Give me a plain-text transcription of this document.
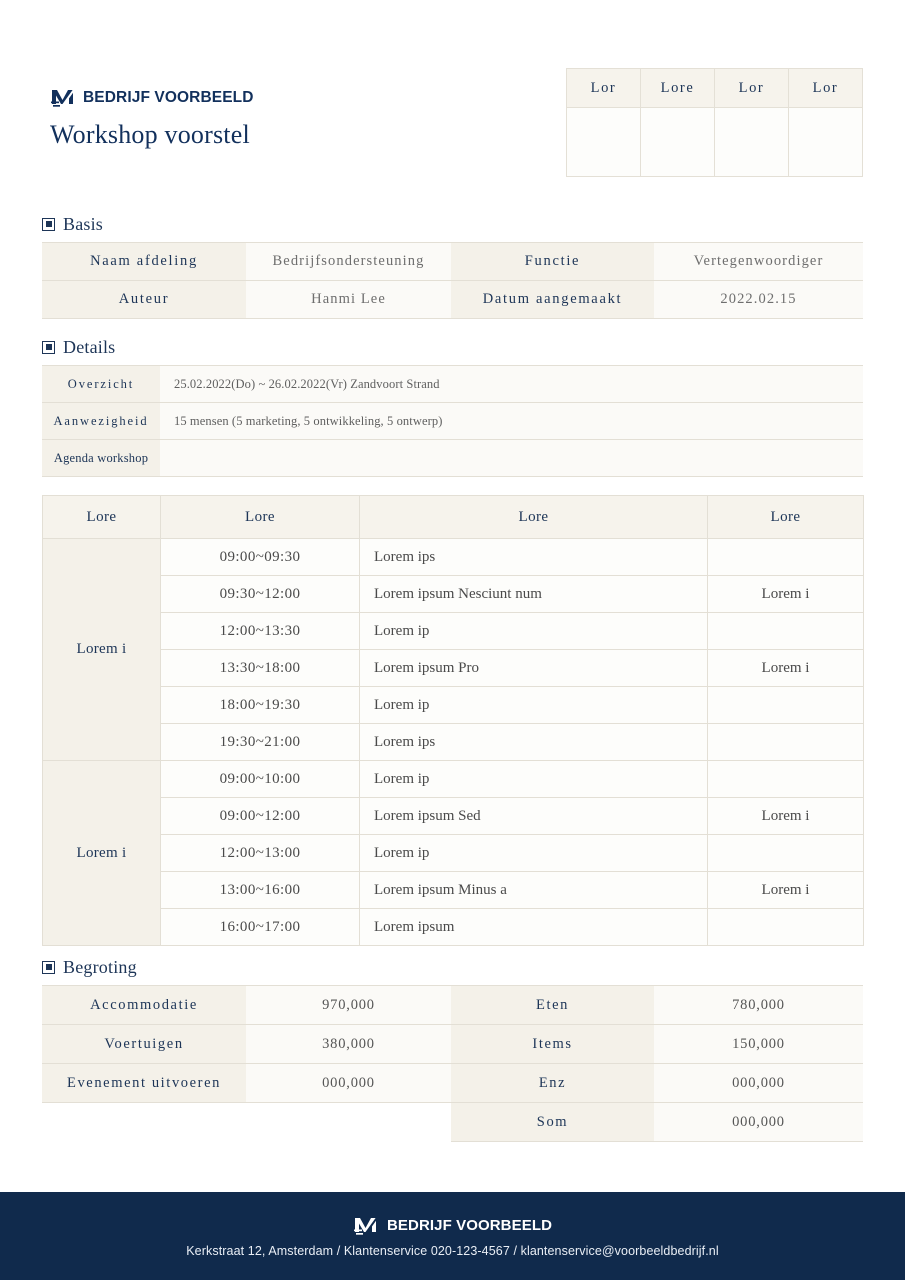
BEDRIJF VOORBEELD
Workshop voorstel
Lor	Lore	Lor	Lor

Basis
Naam afdeling	Bedrijfsondersteuning	Functie	Vertegenwoordiger
Auteur	Hanmi Lee	Datum aangemaakt	2022.02.15
Details
Overzicht	25.02.2022(Do) ~ 26.02.2022(Vr) Zandvoort Strand
Aanwezigheid	15 mensen (5 marketing, 5 ontwikkeling, 5 ontwerp)
Agenda workshop	
Lore	Lore	Lore	Lore
Lorem i	09:00~09:30	Lorem ips	
	09:30~12:00	Lorem ipsum Nesciunt num	Lorem i
	12:00~13:30	Lorem ip	
	13:30~18:00	Lorem ipsum Pro	Lorem i
	18:00~19:30	Lorem ip	
	19:30~21:00	Lorem ips	
Lorem i	09:00~10:00	Lorem ip	
	09:00~12:00	Lorem ipsum Sed	Lorem i
	12:00~13:00	Lorem ip	
	13:00~16:00	Lorem ipsum Minus a	Lorem i
	16:00~17:00	Lorem ipsum	
Begroting
Accommodatie	970,000	Eten	780,000
Voertuigen	380,000	Items	150,000
Evenement uitvoeren	000,000	Enz	000,000
		Som	000,000
BEDRIJF VOORBEELD
Kerkstraat 12, Amsterdam / Klantenservice 020-123-4567 / klantenservice@voorbeeldbedrijf.nl
